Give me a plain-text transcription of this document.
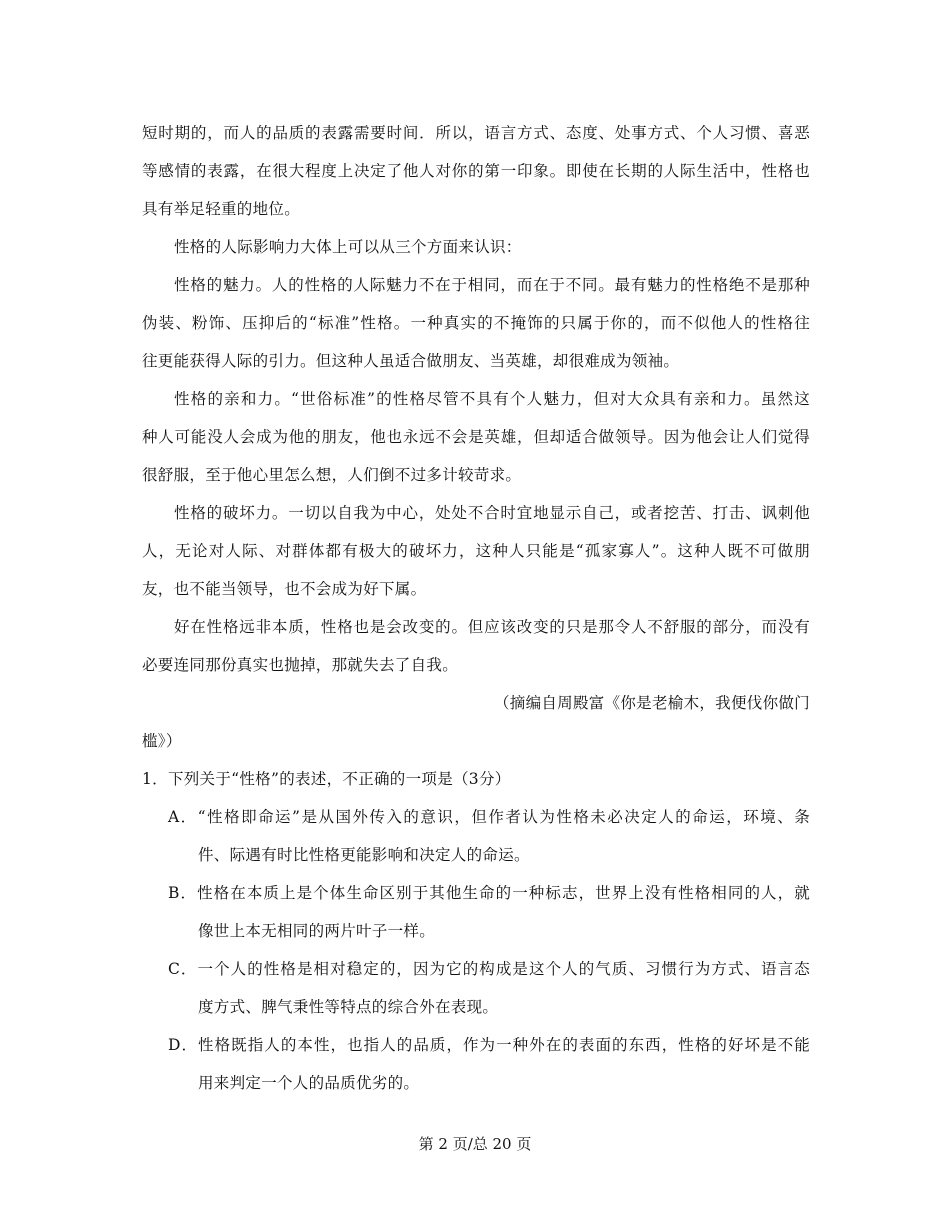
短时期的，而人的品质的表露需要时间．所以，语言方式、态度、处事方式、个人习惯、喜恶
等感情的表露，在很大程度上决定了他人对你的第一印象。即使在长期的人际生活中，性格也
具有举足轻重的地位。
性格的人际影响力大体上可以从三个方面来认识：
性格的魅力。人的性格的人际魅力不在于相同，而在于不同。最有魅力的性格绝不是那种
伪装、粉饰、压抑后的“标准”性格。一种真实的不掩饰的只属于你的，而不似他人的性格往
往更能获得人际的引力。但这种人虽适合做朋友、当英雄，却很难成为领袖。
性格的亲和力。“世俗标准”的性格尽管不具有个人魅力，但对大众具有亲和力。虽然这
种人可能没人会成为他的朋友，他也永远不会是英雄，但却适合做领导。因为他会让人们觉得
很舒服，至于他心里怎么想，人们倒不过多计较苛求。
性格的破坏力。一切以自我为中心，处处不合时宜地显示自己，或者挖苦、打击、讽刺他
人，无论对人际、对群体都有极大的破坏力，这种人只能是“孤家寡人”。这种人既不可做朋
友，也不能当领导，也不会成为好下属。
好在性格远非本质，性格也是会改变的。但应该改变的只是那令人不舒服的部分，而没有
必要连同那份真实也抛掉，那就失去了自我。
（摘编自周殿富《你是老榆木，我便伐你做门
槛》）
1．下列关于“性格”的表述，不正确的一项是（3分）
A．“性格即命运”是从国外传入的意识，但作者认为性格未必决定人的命运，环境、条
件、际遇有时比性格更能影响和决定人的命运。
B．性格在本质上是个体生命区别于其他生命的一种标志，世界上没有性格相同的人，就
像世上本无相同的两片叶子一样。
C．一个人的性格是相对稳定的，因为它的构成是这个人的气质、习惯行为方式、语言态
度方式、脾气秉性等特点的综合外在表现。
D．性格既指人的本性，也指人的品质，作为一种外在的表面的东西，性格的好坏是不能
用来判定一个人的品质优劣的。
第 2 页/总 20 页
